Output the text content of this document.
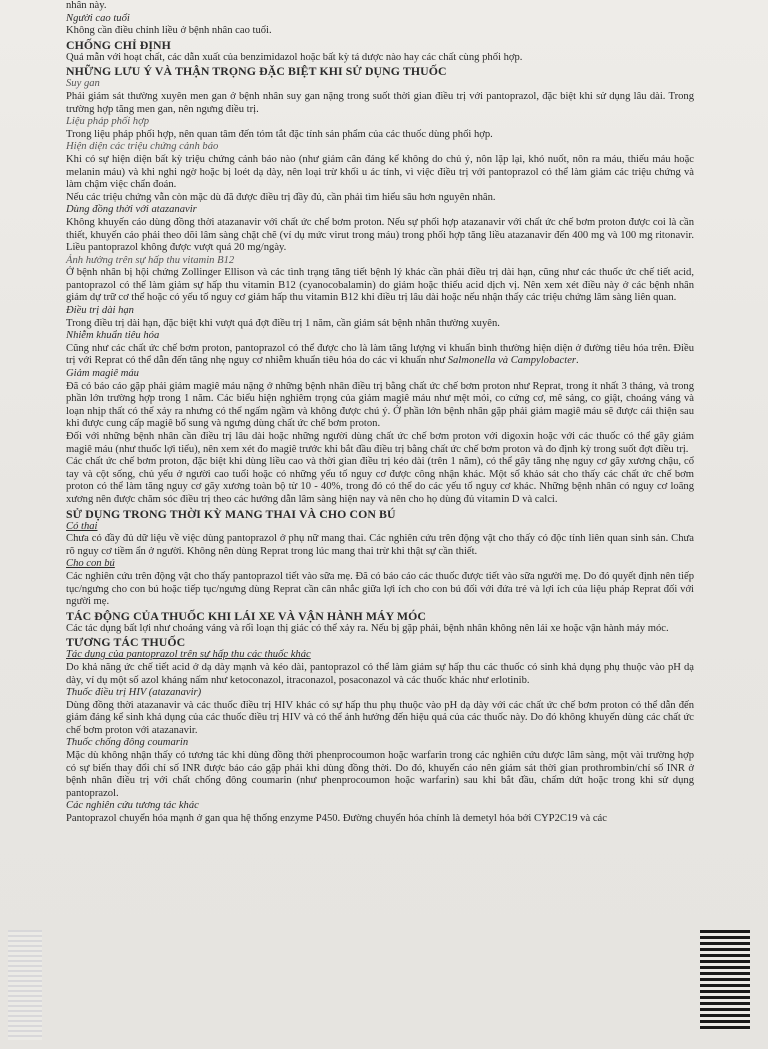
nhân này.

Người cao tuổi

Không cần điều chỉnh liều ở bệnh nhân cao tuổi.

CHỐNG CHỈ ĐỊNH

Quá mẫn với hoạt chất, các dẫn xuất của benzimidazol hoặc bất kỳ tá dược nào hay các chất cùng phối hợp.

NHỮNG LƯU Ý VÀ THẬN TRỌNG ĐẶC BIỆT KHI SỬ DỤNG THUỐC

Suy gan

Phải giám sát thường xuyên men gan ở bệnh nhân suy gan nặng trong suốt thời gian điều trị với pantoprazol, đặc biệt khi sử dụng lâu dài. Trong trường hợp tăng men gan, nên ngưng điều trị.

Liệu pháp phối hợp

Trong liệu pháp phối hợp, nên quan tâm đến tóm tắt đặc tính sản phẩm của các thuốc dùng phối hợp.

Hiện diện các triệu chứng cảnh báo

Khi có sự hiện diện bất kỳ triệu chứng cảnh báo nào (như giảm cân đáng kể không do chủ ý, nôn lặp lại, khó nuốt, nôn ra máu, thiếu máu hoặc melanin máu) và khi nghi ngờ hoặc bị loét dạ dày, nên loại trừ khối u ác tính, vì việc điều trị với pantoprazol có thể làm giảm các triệu chứng và làm chậm việc chẩn đoán.

Nếu các triệu chứng vẫn còn mặc dù đã được điều trị đầy đủ, cần phải tìm hiểu sâu hơn nguyên nhân.

Dùng đồng thời với atazanavir

Không khuyến cáo dùng đồng thời atazanavir với chất ức chế bơm proton. Nếu sự phối hợp atazanavir với chất ức chế bơm proton được coi là cần thiết, khuyến cáo phải theo dõi lâm sàng chặt chẽ (ví dụ mức virut trong máu) trong phối hợp tăng liều atazanavir đến 400 mg và 100 mg ritonavir. Liều pantoprazol không được vượt quá 20 mg/ngày.

Ảnh hưởng trên sự hấp thu vitamin B12

Ở bệnh nhân bị hội chứng Zollinger Ellison và các tình trạng tăng tiết bệnh lý khác cần phải điều trị dài hạn, cũng như các thuốc ức chế tiết acid, pantoprazol có thể làm giảm sự hấp thu vitamin B12 (cyanocobalamin) do giảm hoặc thiếu acid dịch vị. Nên xem xét điều này ở các bệnh nhân giảm dự trữ cơ thể hoặc có yếu tố nguy cơ giảm hấp thu vitamin B12 khi điều trị lâu dài hoặc nếu nhận thấy các triệu chứng lâm sàng liên quan.

Điều trị dài hạn

Trong điều trị dài hạn, đặc biệt khi vượt quá đợt điều trị 1 năm, cần giám sát bệnh nhân thường xuyên.

Nhiễm khuẩn tiêu hóa

Cũng như các chất ức chế bơm proton, pantoprazol có thể được cho là làm tăng lượng vi khuẩn bình thường hiện diện ở đường tiêu hóa trên. Điều trị với Reprat có thể dẫn đến tăng nhẹ nguy cơ nhiễm khuẩn tiêu hóa do các vi khuẩn như Salmonella và Campylobacter.

Giảm magiê máu

Đã có báo cáo gặp phải giảm magiê máu nặng ở những bệnh nhân điều trị bằng chất ức chế bơm proton như Reprat, trong ít nhất 3 tháng, và trong phần lớn trường hợp trong 1 năm. Các biểu hiện nghiêm trọng của giảm magiê máu như mệt mỏi, co cứng cơ, mê sảng, co giật, choáng váng và loạn nhịp thất có thể xảy ra nhưng có thể ngấm ngầm và không được chú ý. Ở phần lớn bệnh nhân gặp phải giảm magiê máu sẽ được cải thiện sau khi được cung cấp magiê bổ sung và ngưng dùng chất ức chế bơm proton.

Đối với những bệnh nhân cần điều trị lâu dài hoặc những người dùng chất ức chế bơm proton với digoxin hoặc với các thuốc có thể gây giảm magiê máu (như thuốc lợi tiểu), nên xem xét đo magiê trước khi bắt đầu điều trị bằng chất ức chế bơm proton và đo định kỳ trong suốt đợt điều trị.

Các chất ức chế bơm proton, đặc biệt khi dùng liều cao và thời gian điều trị kéo dài (trên 1 năm), có thể gây tăng nhẹ nguy cơ gãy xương chậu, cổ tay và cột sống, chủ yếu ở người cao tuổi hoặc có những yếu tố nguy cơ được công nhận khác. Một số khảo sát cho thấy các chất ức chế bơm proton có thể làm tăng nguy cơ gãy xương toàn bộ từ 10 - 40%, trong đó có thể do các yếu tố nguy cơ khác. Những bệnh nhân có nguy cơ loãng xương nên được chăm sóc điều trị theo các hướng dẫn lâm sàng hiện nay và nên cho họ dùng đủ vitamin D và calci.

SỬ DỤNG TRONG THỜI KỲ MANG THAI VÀ CHO CON BÚ

Có thai

Chưa có đầy đủ dữ liệu về việc dùng pantoprazol ở phụ nữ mang thai. Các nghiên cứu trên động vật cho thấy có độc tính liên quan sinh sản. Chưa rõ nguy cơ tiềm ẩn ở người. Không nên dùng Reprat trong lúc mang thai trừ khi thật sự cần thiết.

Cho con bú

Các nghiên cứu trên động vật cho thấy pantoprazol tiết vào sữa mẹ. Đã có báo cáo các thuốc được tiết vào sữa người mẹ. Do đó quyết định nên tiếp tục/ngưng cho con bú hoặc tiếp tục/ngưng dùng Reprat cần cân nhắc giữa lợi ích cho con bú đối với đứa trẻ và lợi ích của liệu pháp Reprat đối với người mẹ.

TÁC ĐỘNG CỦA THUỐC KHI LÁI XE VÀ VẬN HÀNH MÁY MÓC

Các tác dụng bất lợi như choáng váng và rối loạn thị giác có thể xảy ra. Nếu bị gặp phải, bệnh nhân không nên lái xe hoặc vận hành máy móc.

TƯƠNG TÁC THUỐC

Tác dụng của pantoprazol trên sự hấp thu các thuốc khác

Do khả năng ức chế tiết acid ở dạ dày mạnh và kéo dài, pantoprazol có thể làm giảm sự hấp thu các thuốc có sinh khả dụng phụ thuộc vào pH dạ dày, ví dụ một số azol kháng nấm như ketoconazol, itraconazol, posaconazol và các thuốc khác như erlotinib.

Thuốc điều trị HIV (atazanavir)

Dùng đồng thời atazanavir và các thuốc điều trị HIV khác có sự hấp thu phụ thuộc vào pH dạ dày với các chất ức chế bơm proton có thể dẫn đến giảm đáng kể sinh khả dụng của các thuốc điều trị HIV và có thể ảnh hưởng đến hiệu quả của các thuốc này. Do đó không khuyến dùng các chất ức chế bơm proton với atazanavir.

Thuốc chống đông coumarin

Mặc dù không nhận thấy có tương tác khi dùng đồng thời phenprocoumon hoặc warfarin trong các nghiên cứu dược lâm sàng, một vài trường hợp có sự biến thay đổi chỉ số INR được báo cáo gặp phải khi dùng đồng thời. Do đó, khuyến cáo nên giám sát thời gian prothrombin/chỉ số INR ở bệnh nhân điều trị với chất chống đông coumarin (như phenprocoumon hoặc warfarin) sau khi bắt đầu, chấm dứt hoặc trong khi sử dụng pantoprazol.

Các nghiên cứu tương tác khác

Pantoprazol chuyển hóa mạnh ở gan qua hệ thống enzyme P450. Đường chuyển hóa chính là demetyl hóa bởi CYP2C19 và các
